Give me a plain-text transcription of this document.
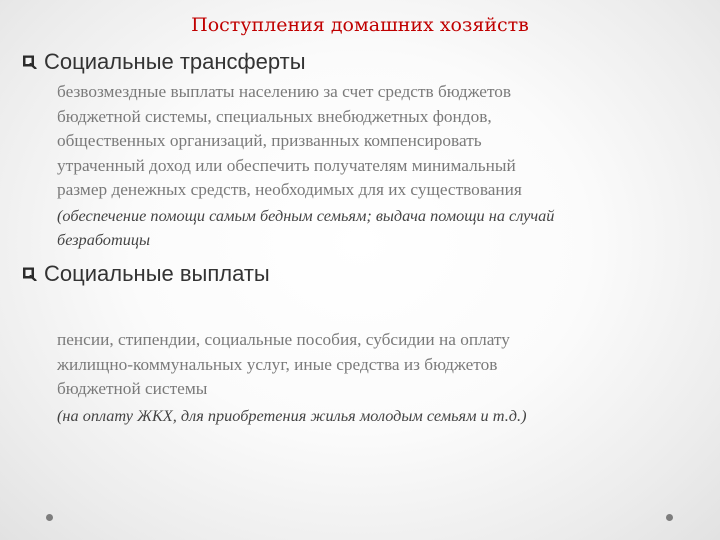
Поступления домашних хозяйств
Социальные трансферты

безвозмездные выплаты населению за счет средств бюджетов

бюджетной системы, специальных внебюджетных фондов,

общественных организаций, призванных компенсировать

утраченный доход или обеспечить получателям минимальный

размер денежных средств, необходимых для их существования

(обеспечение помощи самым бедным семьям; выдача помощи на случай

безработицы

Социальные выплаты

пенсии, стипендии, социальные пособия, субсидии на оплату

жилищно-коммунальных услуг, иные средства из бюджетов

бюджетной системы

(на оплату ЖКХ, для приобретения жилья молодым семьям и т.д.)
